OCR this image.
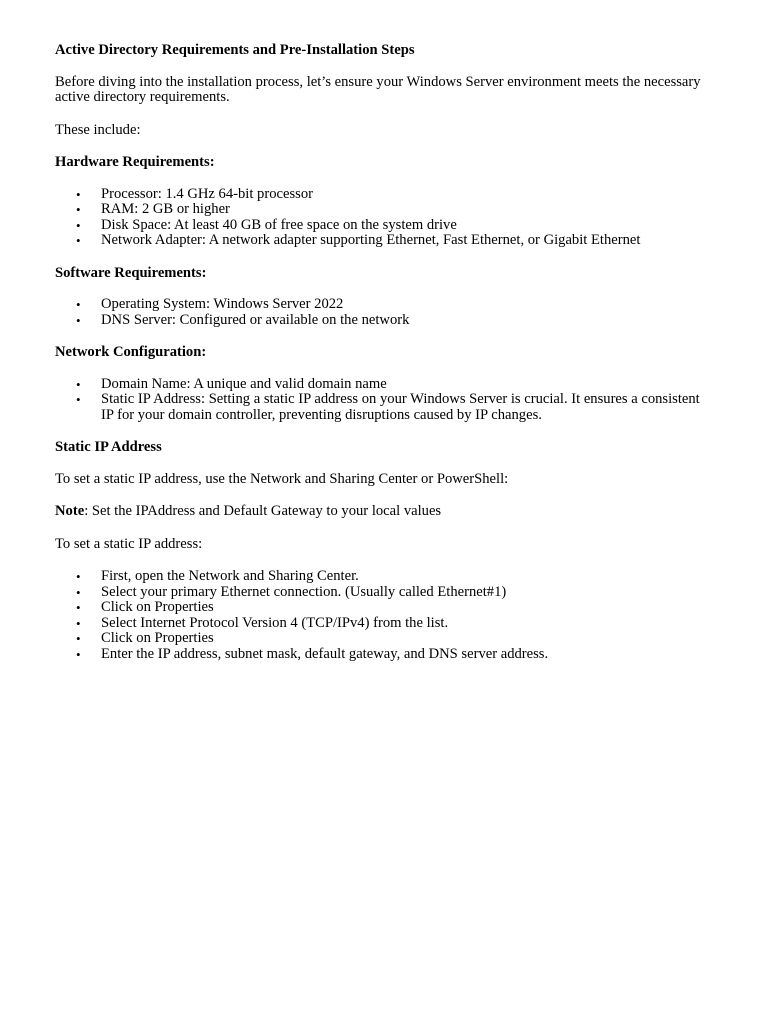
Active Directory Requirements and Pre-Installation Steps

Before diving into the installation process, let’s ensure your Windows Server environment meets the necessary active directory requirements.

These include:

Hardware Requirements:

• Processor: 1.4 GHz 64-bit processor
• RAM: 2 GB or higher
• Disk Space: At least 40 GB of free space on the system drive
• Network Adapter: A network adapter supporting Ethernet, Fast Ethernet, or Gigabit Ethernet

Software Requirements:

• Operating System: Windows Server 2022
• DNS Server: Configured or available on the network

Network Configuration:

• Domain Name: A unique and valid domain name
• Static IP Address: Setting a static IP address on your Windows Server is crucial. It ensures a consistent IP for your domain controller, preventing disruptions caused by IP changes.

Static IP Address

To set a static IP address, use the Network and Sharing Center or PowerShell:

Note: Set the IPAddress and Default Gateway to your local values

To set a static IP address:

• First, open the Network and Sharing Center.
• Select your primary Ethernet connection. (Usually called Ethernet#1)
• Click on Properties
• Select Internet Protocol Version 4 (TCP/IPv4) from the list.
• Click on Properties
• Enter the IP address, subnet mask, default gateway, and DNS server address.
